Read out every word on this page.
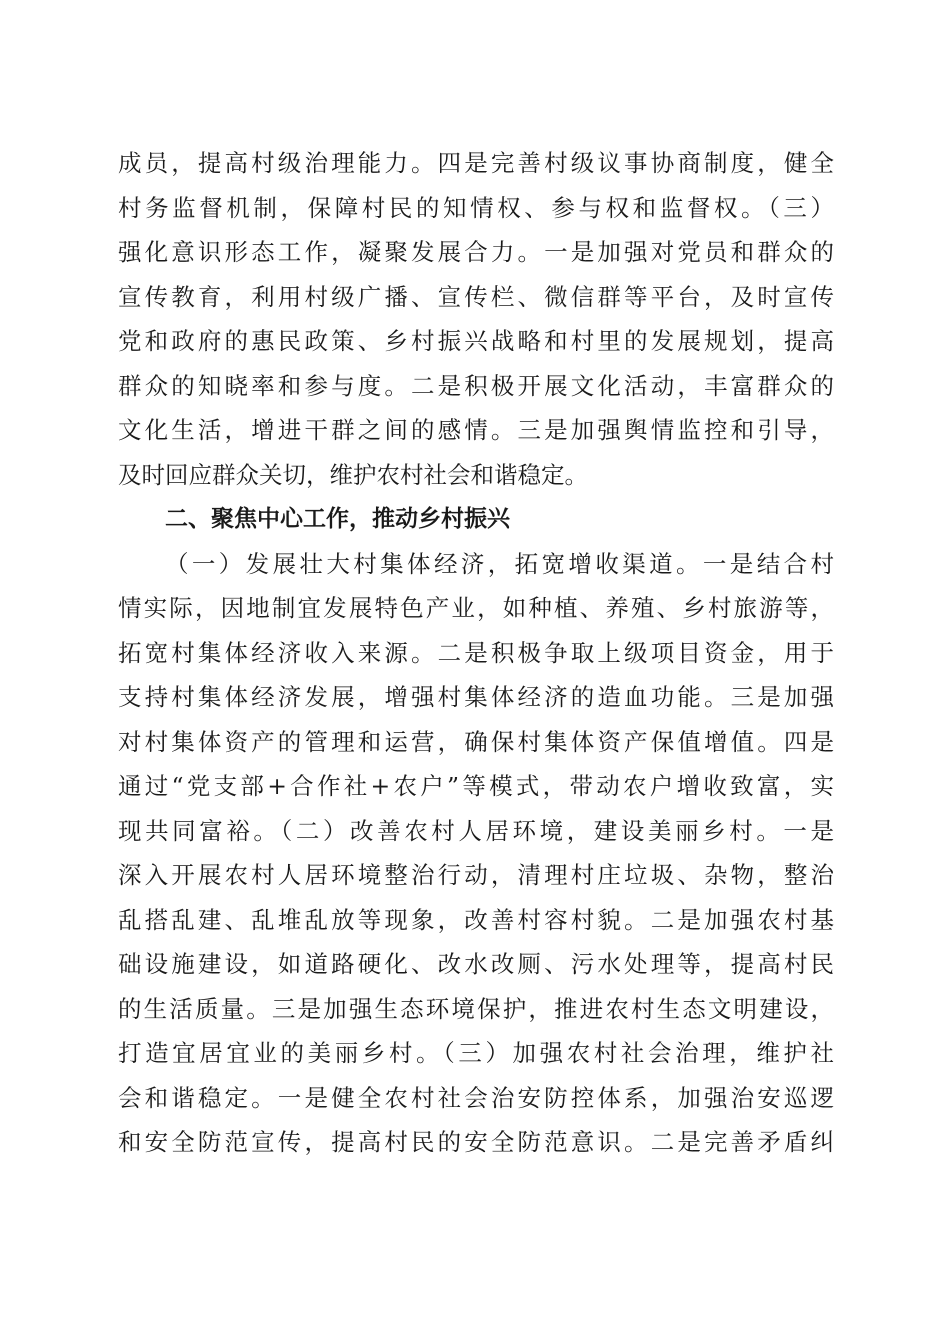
成员，提高村级治理能力。四是完善村级议事协商制度，健全
村务监督机制，保障村民的知情权、参与权和监督权。（三）
强化意识形态工作，凝聚发展合力。一是加强对党员和群众的
宣传教育，利用村级广播、宣传栏、微信群等平台，及时宣传
党和政府的惠民政策、乡村振兴战略和村里的发展规划，提高
群众的知晓率和参与度。二是积极开展文化活动，丰富群众的
文化生活，增进干群之间的感情。三是加强舆情监控和引导，
及时回应群众关切，维护农村社会和谐稳定。
二、聚焦中心工作，推动乡村振兴
（一）发展壮大村集体经济，拓宽增收渠道。一是结合村
情实际，因地制宜发展特色产业，如种植、养殖、乡村旅游等，
拓宽村集体经济收入来源。二是积极争取上级项目资金，用于
支持村集体经济发展，增强村集体经济的造血功能。三是加强
对村集体资产的管理和运营，确保村集体资产保值增值。四是
通过“党支部+合作社+农户”等模式，带动农户增收致富，实
现共同富裕。（二）改善农村人居环境，建设美丽乡村。一是
深入开展农村人居环境整治行动，清理村庄垃圾、杂物，整治
乱搭乱建、乱堆乱放等现象，改善村容村貌。二是加强农村基
础设施建设，如道路硬化、改水改厕、污水处理等，提高村民
的生活质量。三是加强生态环境保护，推进农村生态文明建设，
打造宜居宜业的美丽乡村。（三）加强农村社会治理，维护社
会和谐稳定。一是健全农村社会治安防控体系，加强治安巡逻
和安全防范宣传，提高村民的安全防范意识。二是完善矛盾纠
